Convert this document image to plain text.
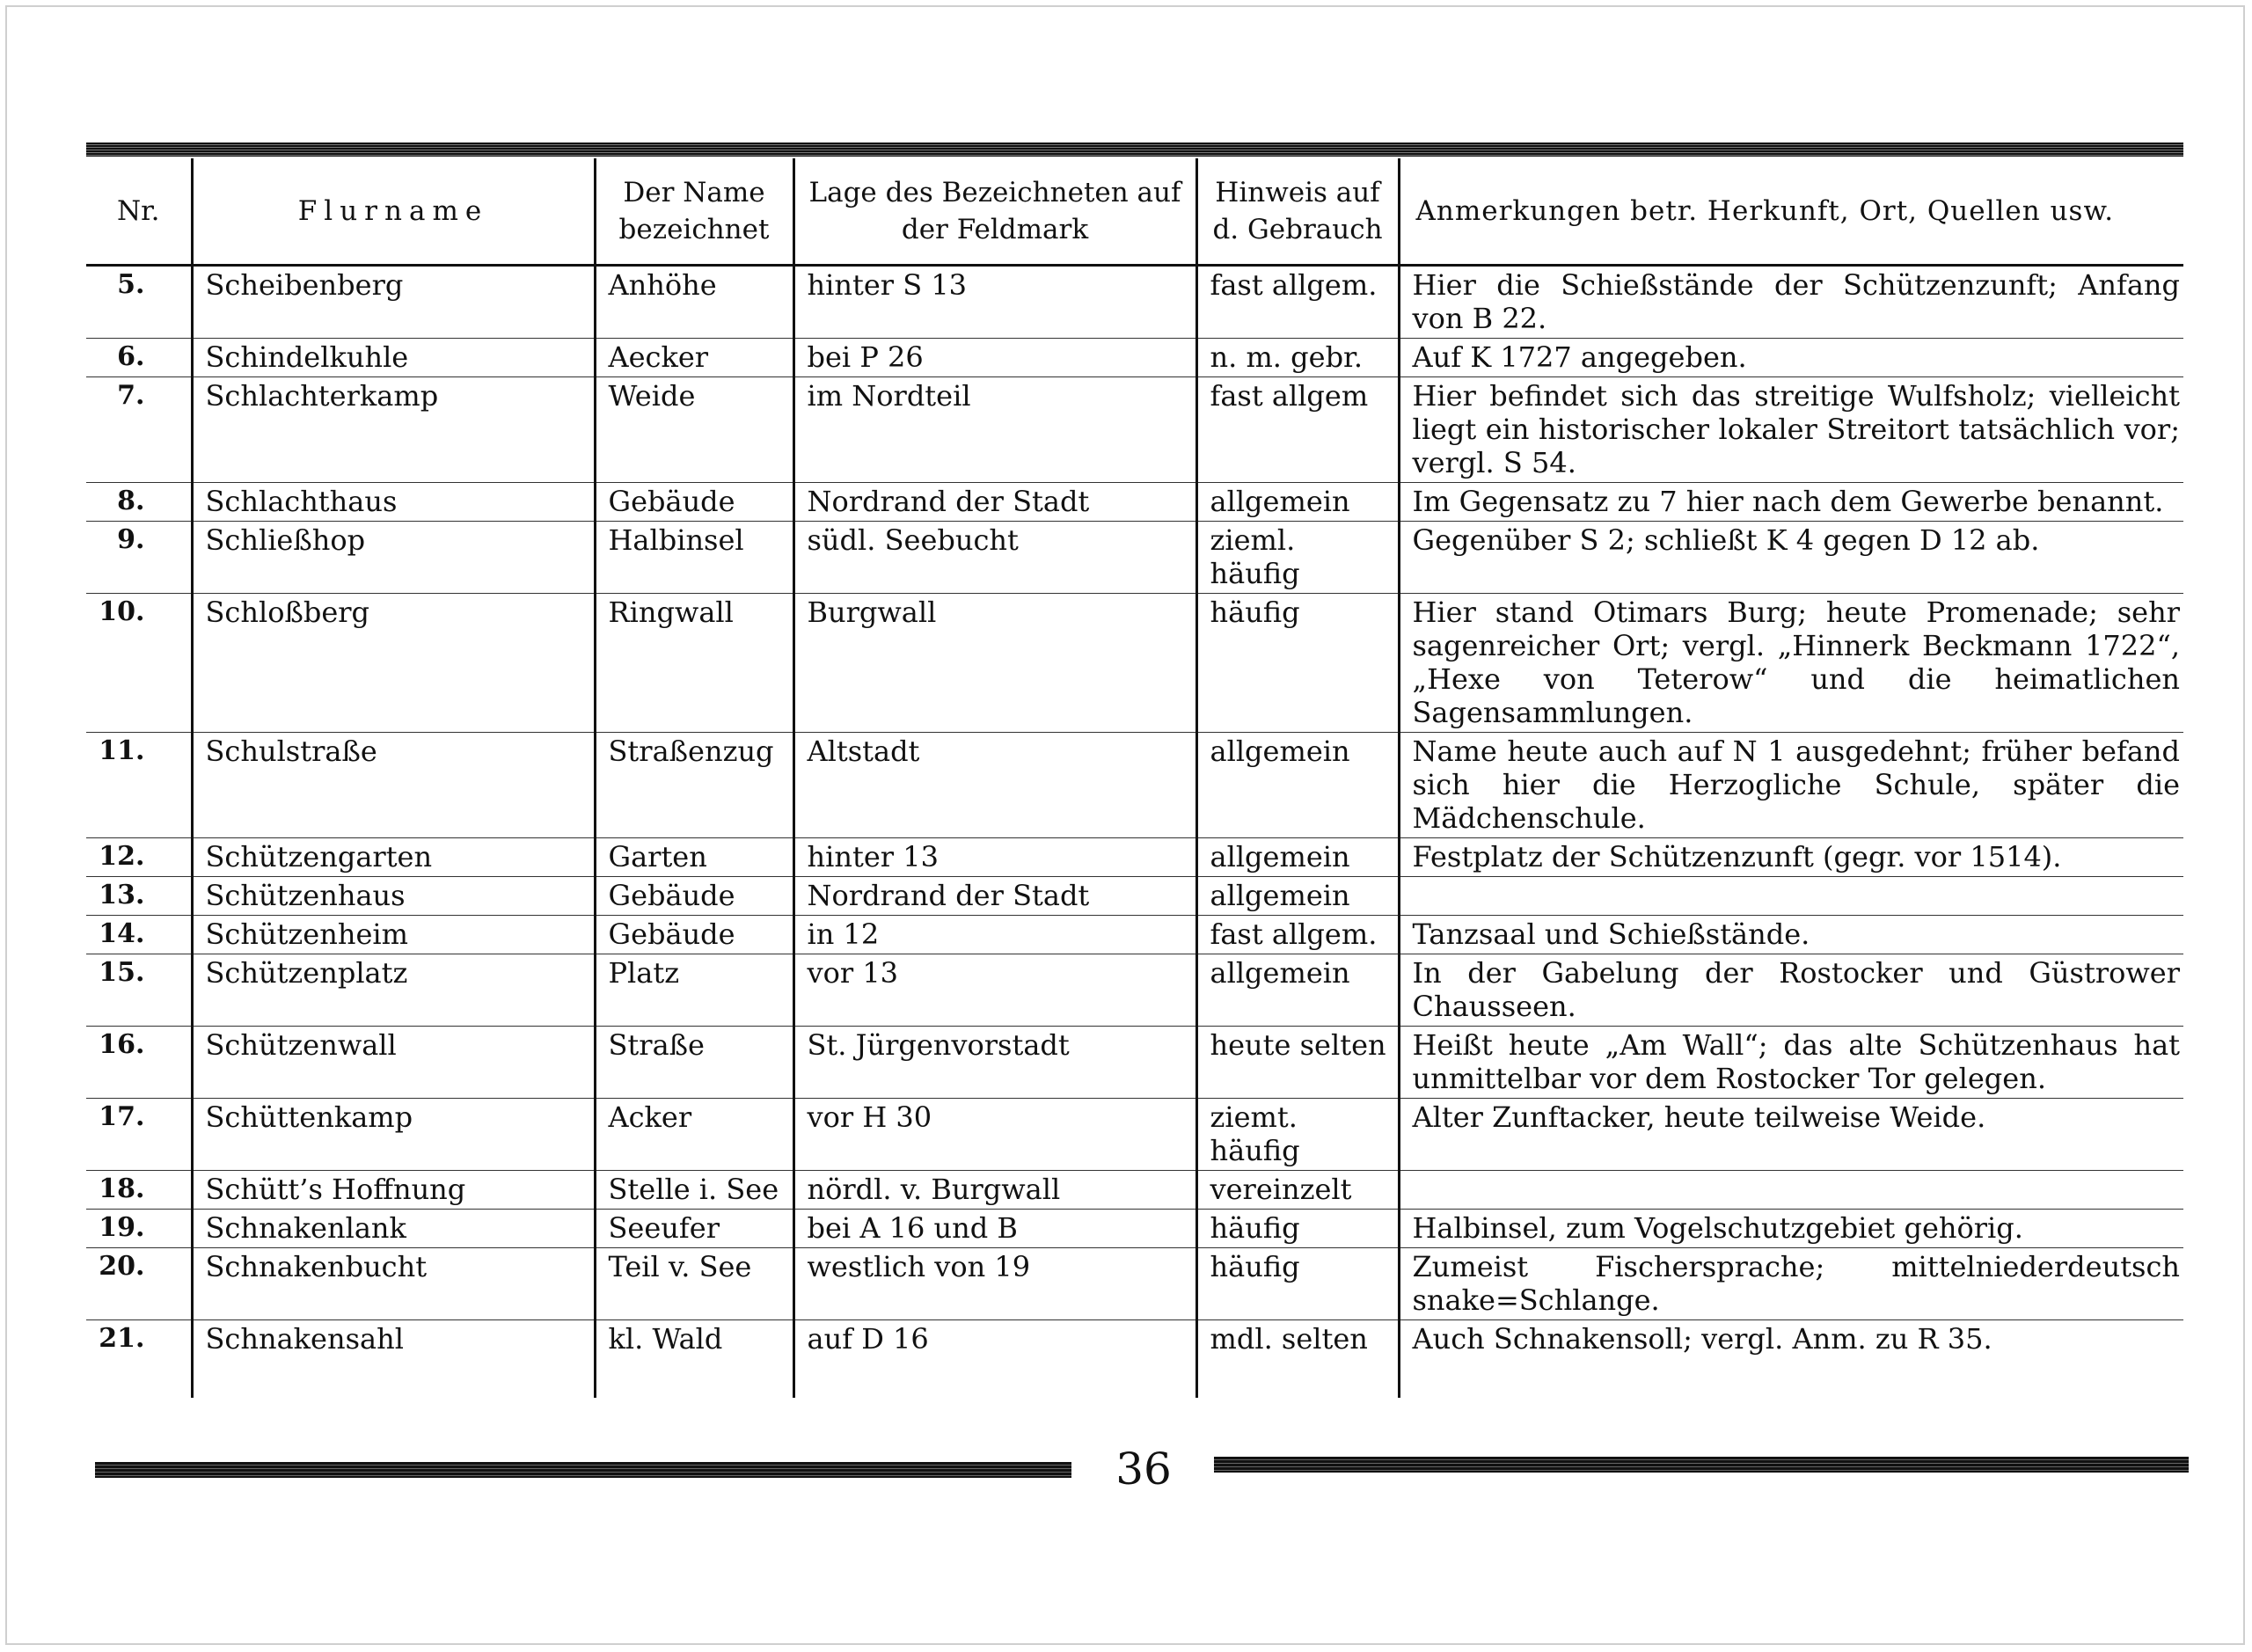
Nr.	Flurname	Der Name bezeichnet	Lage des Bezeichneten auf der Feldmark	Hinweis auf d. Gebrauch	Anmerkungen betr. Herkunft, Ort, Quellen usw.
5.	Scheibenberg	Anhöhe	hinter S 13	fast allgem.	Hier die Schießstände der Schützenzunft; Anfang von B 22.
6.	Schindelkuhle	Aecker	bei P 26	n. m. gebr.	Auf K 1727 angegeben.
7.	Schlachterkamp	Weide	im Nordteil	fast allgem	Hier befindet sich das streitige Wulfsholz; vielleicht liegt ein historischer lokaler Streitort tatsächlich vor; vergl. S 54.
8.	Schlachthaus	Gebäude	Nordrand der Stadt	allgemein	Im Gegensatz zu 7 hier nach dem Gewerbe benannt.
9.	Schließhop	Halbinsel	südl. Seebucht	zieml. häufig	Gegenüber S 2; schließt K 4 gegen D 12 ab.
10.	Schloßberg	Ringwall	Burgwall	häufig	Hier stand Otimars Burg; heute Promenade; sehr sagenreicher Ort; vergl. „Hinnerk Beckmann 1722“, „Hexe von Teterow“ und die heimatlichen Sagensammlungen.
11.	Schulstraße	Straßenzug	Altstadt	allgemein	Name heute auch auf N 1 ausgedehnt; früher befand sich hier die Herzogliche Schule, später die Mädchenschule.
12.	Schützengarten	Garten	hinter 13	allgemein	Festplatz der Schützenzunft (gegr. vor 1514).
13.	Schützenhaus	Gebäude	Nordrand der Stadt	allgemein	
14.	Schützenheim	Gebäude	in 12	fast allgem.	Tanzsaal und Schießstände.
15.	Schützenplatz	Platz	vor 13	allgemein	In der Gabelung der Rostocker und Güstrower Chausseen.
16.	Schützenwall	Straße	St. Jürgenvorstadt	heute selten	Heißt heute „Am Wall“; das alte Schützenhaus hat unmittelbar vor dem Rostocker Tor gelegen.
17.	Schüttenkamp	Acker	vor H 30	ziemt. häufig	Alter Zunftacker, heute teilweise Weide.
18.	Schütt’s Hoffnung	Stelle i. See	nördl. v. Burgwall	vereinzelt	
19.	Schnakenlank	Seeufer	bei A 16 und B	häufig	Halbinsel, zum Vogelschutzgebiet gehörig.
20.	Schnakenbucht	Teil v. See	westlich von 19	häufig	Zumeist Fischersprache; mittelniederdeutsch snake=Schlange.
21.	Schnakensahl	kl. Wald	auf D 16	mdl. selten	Auch Schnakensoll; vergl. Anm. zu R 35.

36
